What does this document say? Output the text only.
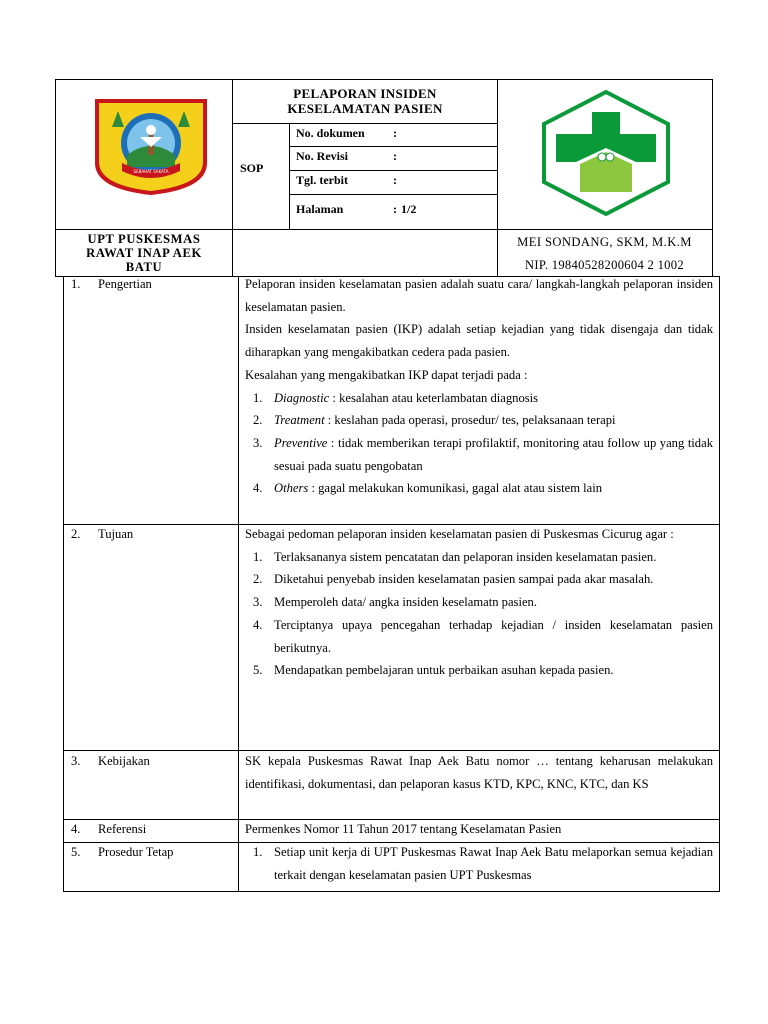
SEBAHAT SAKATA
PELAPORAN INSIDEN
KESELAMATAN PASIEN
SOP
No. dokumen :
No. Revisi	:
Tgl. terbit	:
Halaman	: 1/2
UPT PUSKESMAS
RAWAT INAP AEK
BATU
MEI SONDANG, SKM, M.K.M
NIP. 19840528200604 2 1002
1. Pengertian	Pelaporan insiden keselamatan pasien adalah suatu cara/ langkah-langkah pelaporan insiden keselamatan pasien.
Insiden keselamatan pasien (IKP) adalah setiap kejadian yang tidak disengaja dan tidak diharapkan yang mengakibatkan cedera pada pasien.
Kesalahan yang mengakibatkan IKP dapat terjadi pada :
1. Diagnostic : kesalahan atau keterlambatan diagnosis
2. Treatment : keslahan pada operasi, prosedur/ tes, pelaksanaan terapi
3. Preventive : tidak memberikan terapi profilaktif, monitoring atau follow up yang tidak sesuai pada suatu pengobatan
4. Others : gagal melakukan komunikasi, gagal alat atau sistem lain
2. Tujuan	Sebagai pedoman pelaporan insiden keselamatan pasien di Puskesmas Cicurug agar :
1. Terlaksananya sistem pencatatan dan pelaporan insiden keselamatan pasien.
2. Diketahui penyebab insiden keselamatan pasien sampai pada akar masalah.
3. Memperoleh data/ angka insiden keselamatn pasien.
4. Terciptanya upaya pencegahan terhadap kejadian / insiden keselamatan pasien berikutnya.
5. Mendapatkan pembelajaran untuk perbaikan asuhan kepada pasien.
3. Kebijakan	SK kepala Puskesmas Rawat Inap Aek Batu nomor … tentang keharusan melakukan identifikasi, dokumentasi, dan pelaporan kasus KTD, KPC, KNC, KTC, dan KS
4. Referensi	Permenkes Nomor 11 Tahun 2017 tentang Keselamatan Pasien
5. Prosedur Tetap	1. Setiap unit kerja di UPT Puskesmas Rawat Inap Aek Batu melaporkan semua kejadian terkait dengan keselamatan pasien UPT Puskesmas
